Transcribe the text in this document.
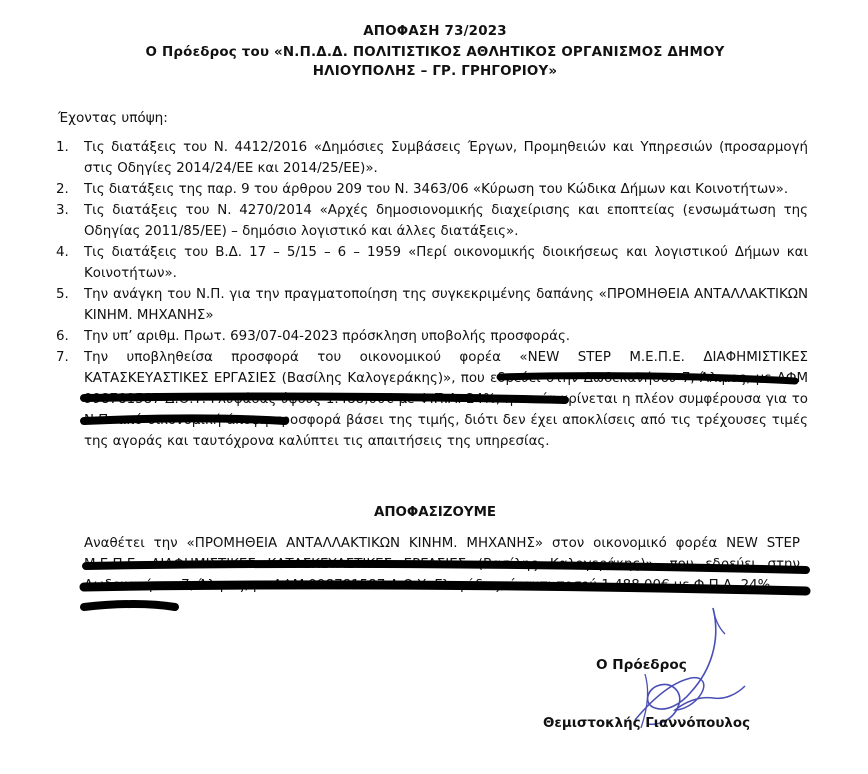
ΑΠΟΦΑΣΗ 73/2023
Ο Πρόεδρος του «Ν.Π.Δ.Δ. ΠΟΛΙΤΙΣΤΙΚΟΣ ΑΘΛΗΤΙΚΟΣ ΟΡΓΑΝΙΣΜΟΣ ΔΗΜΟΥ
ΗΛΙΟΥΠΟΛΗΣ – ΓΡ. ΓΡΗΓΟΡΙΟΥ»
Έχοντας υπόψη:
1. Τις διατάξεις του Ν. 4412/2016 «Δημόσιες Συμβάσεις Έργων, Προμηθειών και Υπηρεσιών (προσαρμογή στις Οδηγίες 2014/24/ΕΕ και 2014/25/ΕΕ)».
2. Τις διατάξεις της παρ. 9 του άρθρου 209 του Ν. 3463/06 «Κύρωση του Κώδικα Δήμων και Κοινοτήτων».
3. Τις διατάξεις του Ν. 4270/2014 «Αρχές δημοσιονομικής διαχείρισης και εποπτείας (ενσωμάτωση της Οδηγίας 2011/85/ΕΕ) – δημόσιο λογιστικό και άλλες διατάξεις».
4. Τις διατάξεις του Β.Δ. 17 – 5/15 – 6 – 1959 «Περί οικονομικής διοικήσεως και λογιστικού Δήμων και Κοινοτήτων».
5. Την ανάγκη του Ν.Π. για την πραγματοποίηση της συγκεκριμένης δαπάνης «ΠΡΟΜΗΘΕΙΑ ΑΝΤΑΛΛΑΚΤΙΚΩΝ ΚΙΝΗΜ. ΜΗΧΑΝΗΣ»
6. Την υπ’ αριθμ. Πρωτ. 693/07-04-2023 πρόσκληση υποβολής προσφοράς.
7. Την υποβληθείσα προσφορά του οικονομικού φορέα «NEW STEP Μ.Ε.Π.Ε. ΔΙΑΦΗΜΙΣΤΙΚΕΣ ΚΑΤΑΣΚΕΥΑΣΤΙΚΕΣ ΕΡΓΑΣΙΕΣ (Βασίλης Καλογεράκης)», που εδρεύει στην Δωδεκανήσου 7, Άλιμος, με ΑΦΜ 998781587 Δ.Ο.Υ. Γλυφάδας ύψους 1.488,00€ με Φ.Π.Α. 24%, η οποία κρίνεται η πλέον συμφέρουσα για το Ν.Π. από οικονομική άποψη προσφορά βάσει της τιμής, διότι δεν έχει αποκλίσεις από τις τρέχουσες τιμές της αγοράς και ταυτόχρονα καλύπτει τις απαιτήσεις της υπηρεσίας.
ΑΠΟΦΑΣΙΖΟΥΜΕ
Αναθέτει την «ΠΡΟΜΗΘΕΙΑ ΑΝΤΑΛΛΑΚΤΙΚΩΝ ΚΙΝΗΜ. ΜΗΧΑΝΗΣ» στον οικονομικό φορέα NEW STEP Μ.Ε.Π.Ε. ΔΙΑΦΗΜΙΣΤΙΚΕΣ ΚΑΤΑΣΚΕΥΑΣΤΙΚΕΣ ΕΡΓΑΣΙΕΣ (Βασίλης Καλογεράκης)», που εδρεύει στην Δωδεκανήσου 7, Άλιμος, με ΑΦΜ 998781587 Δ.Ο.Υ. Γλυφάδας, έναντι ποσού 1.488,00€ με Φ.Π.Α. 24%.
Ο Πρόεδρος
Θεμιστοκλής Γιαννόπουλος
